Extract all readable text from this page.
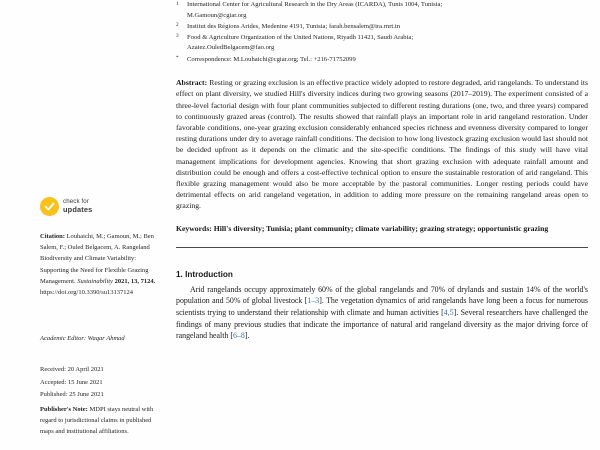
check for
updates
Citation: Louhaichi, M.; Gamoun, M.; Ben Salem, F.; Ouled Belgacem, A. Rangeland Biodiversity and Climate Variability: Supporting the Need for Flexible Grazing Management. Sustainability 2021, 13, 7124. https://doi.org/10.3390/su13137124
Academic Editor: Waqar Ahmad
Received: 20 April 2021
Accepted: 15 June 2021
Published: 25 June 2021
Publisher's Note: MDPI stays neutral with regard to jurisdictional claims in published maps and institutional affiliations.
1	International Center for Agricultural Research in the Dry Areas (ICARDA), Tunis 1004, Tunisia;
M.Gamoun@cgiar.org
2	Institut des Régions Arides, Medenine 4191, Tunisia; farah.bensalem@ira.rnrt.tn
3	Food & Agriculture Organization of the United Nations, Riyadh 11421, Saudi Arabia;
Azaiez.OuledBelgacem@fao.org
*	Correspondence: M.Louhaichi@cgiar.org; Tel.: +216-71752099
Abstract: Resting or grazing exclusion is an effective practice widely adopted to restore degraded, arid rangelands. To understand its effect on plant diversity, we studied Hill's diversity indices during two growing seasons (2017–2019). The experiment consisted of a three-level factorial design with four plant communities subjected to different resting durations (one, two, and three years) compared to continuously grazed areas (control). The results showed that rainfall plays an important role in arid rangeland restoration. Under favorable conditions, one-year grazing exclusion considerably enhanced species richness and evenness diversity compared to longer resting durations under dry to average rainfall conditions. The decision to how long livestock grazing exclusion would last should not be decided upfront as it depends on the climatic and the site-specific conditions. The findings of this study will have vital management implications for development agencies. Knowing that short grazing exclusion with adequate rainfall amount and distribution could be enough and offers a cost-effective technical option to ensure the sustainable restoration of arid rangeland. This flexible grazing management would also be more acceptable by the pastoral communities. Longer resting periods could have detrimental effects on arid rangeland vegetation, in addition to adding more pressure on the remaining rangeland areas open to grazing.
Keywords: Hill's diversity; Tunisia; plant community; climate variability; grazing strategy; opportunistic grazing
1. Introduction
Arid rangelands occupy approximately 60% of the global rangelands and 70% of drylands and sustain 14% of the world's population and 50% of global livestock [1–3]. The vegetation dynamics of arid rangelands have long been a focus for numerous scientists trying to understand their relationship with climate and human activities [4,5]. Several researchers have challenged the findings of many previous studies that indicate the importance of natural arid rangeland diversity as the major driving force of rangeland health [6–8].
